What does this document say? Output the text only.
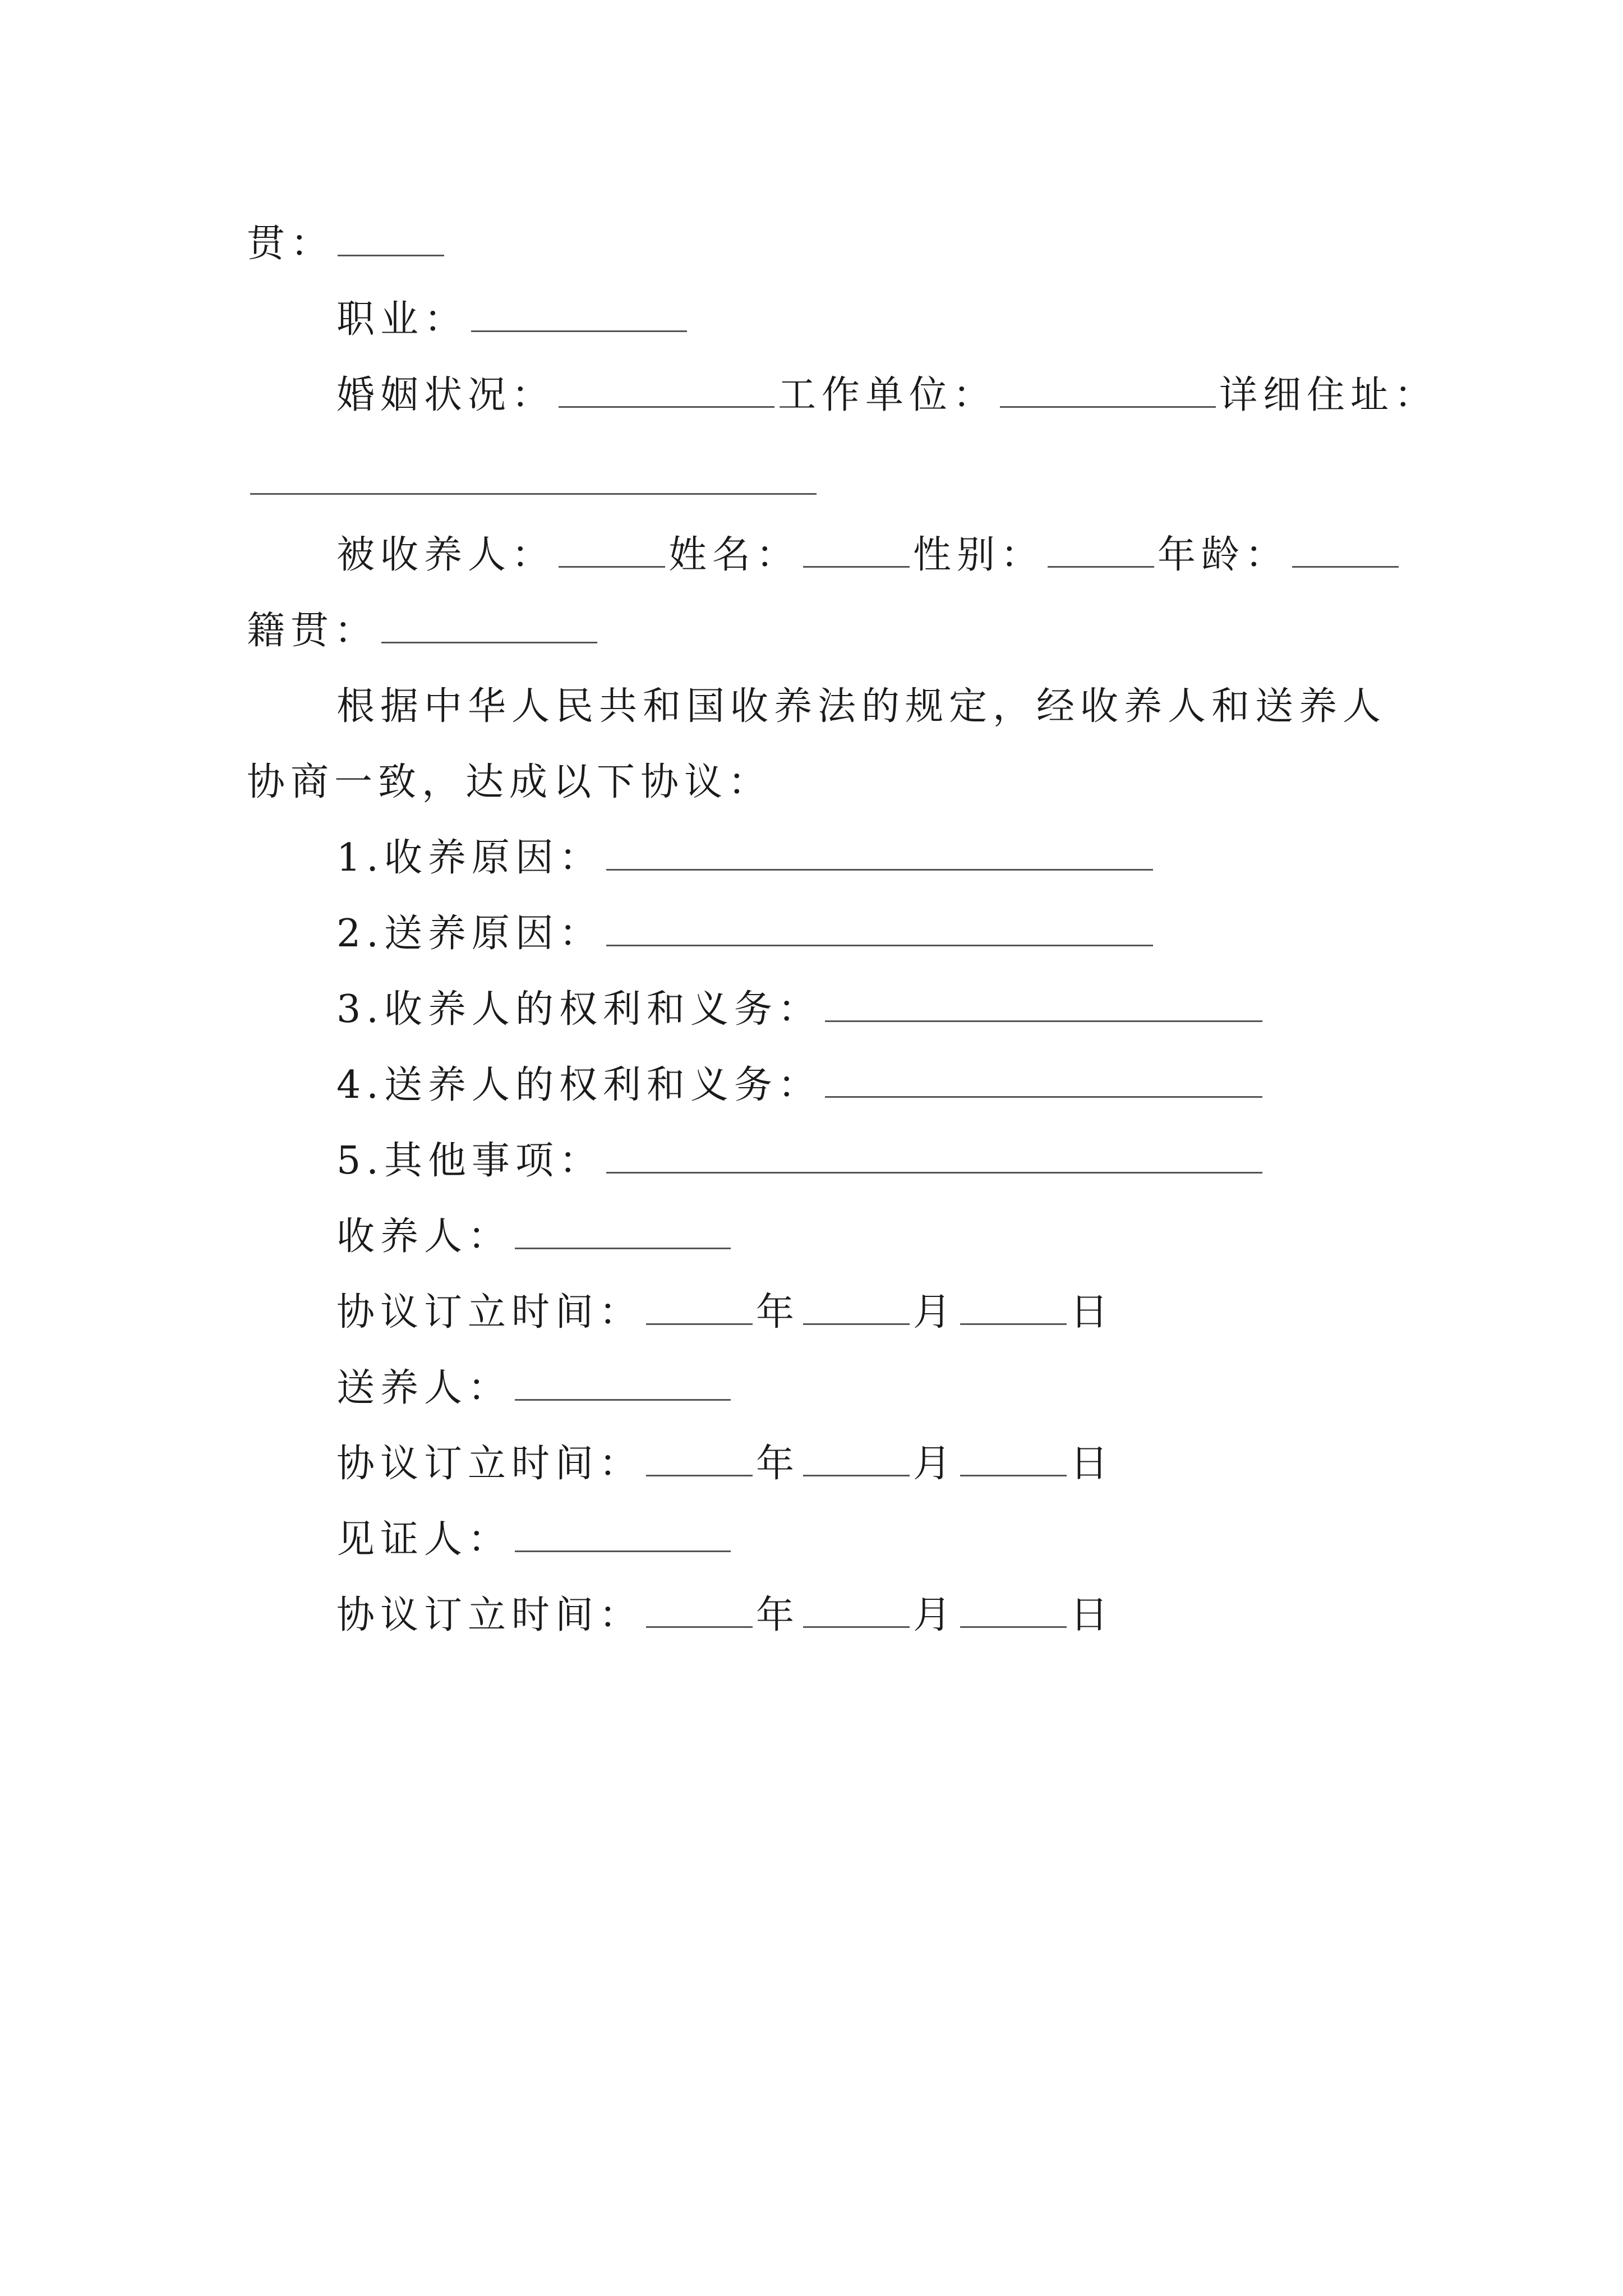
贯：
职业：
婚姻状况：	工作单位：	详细住址：
被收养人：	姓名：	性别：	年龄：
籍贯：
根据中华人民共和国收养法的规定，经收养人和送养人
协商一致，达成以下协议：
1.收养原因：
2.送养原因：
3.收养人的权利和义务：
4.送养人的权利和义务：
5.其他事项：
收养人：
协议订立时间：	年	月	日
送养人：
协议订立时间：	年	月	日
见证人：
协议订立时间：	年	月	日
